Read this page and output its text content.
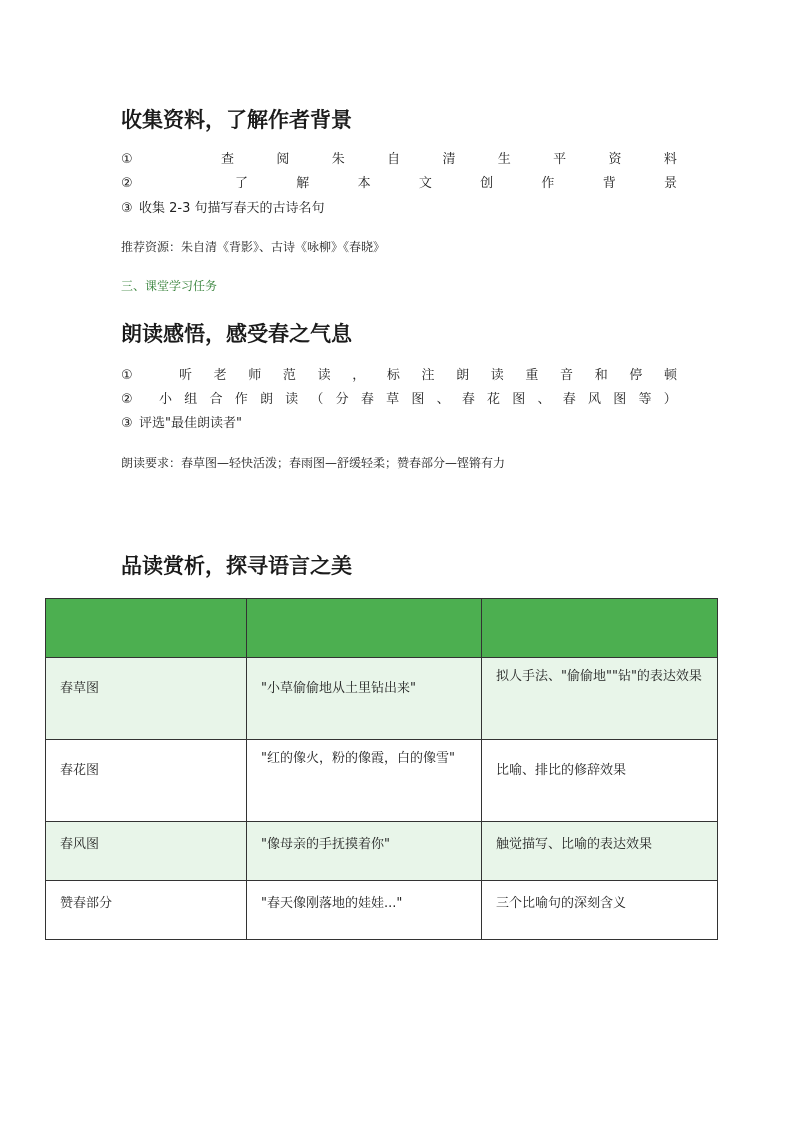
收集资料，了解作者背景
①	查	阅	朱	自	清	生	平	资	料
②	了	解	本	文	创	作	背	景
③ 收集 2-3 句描写春天的古诗名句
推荐资源：朱自清《背影》、古诗《咏柳》《春晓》
三、课堂学习任务
朗读感悟，感受春之气息
①	听 老 师 范 读 ， 标 注 朗 读 重 音 和 停 顿
②	小 组 合 作 朗 读 （ 分 春 草 图 、 春 花 图 、 春 风 图 等 ）
③ 评选"最佳朗读者"
朗读要求：春草图—轻快活泼；春雨图—舒缓轻柔；赞春部分—铿锵有力
品读赏析，探寻语言之美

春草图	"小草偷偷地从土里钻出来"	拟人手法、"偷偷地""钻"的表达效果
春花图	"红的像火，粉的像霞，白的像雪"	比喻、排比的修辞效果
春风图	"像母亲的手抚摸着你"	触觉描写、比喻的表达效果
赞春部分	"春天像刚落地的娃娃..."	三个比喻句的深刻含义
